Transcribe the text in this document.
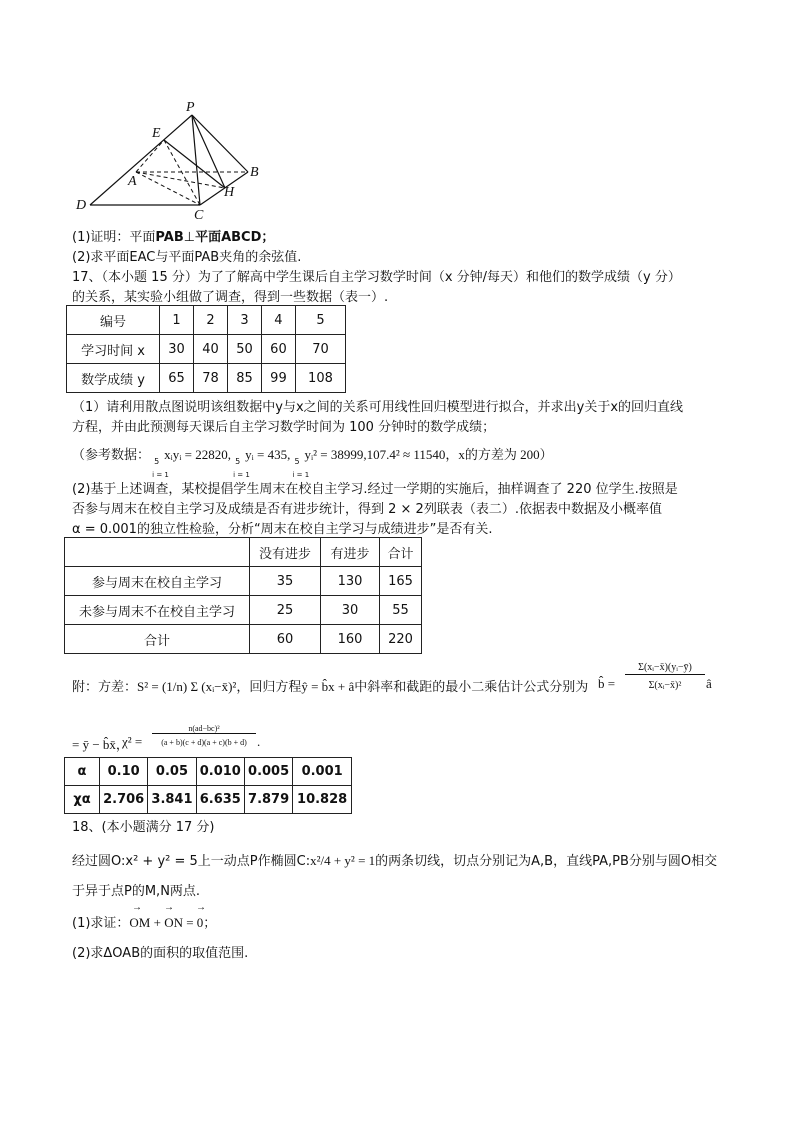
P
E
B
A
H
D
C
(1)证明：平面PAB⊥平面ABCD；
(2)求平面EAC与平面PAB夹角的余弦值.
17、（本小题 15 分）为了了解高中学生课后自主学习数学时间（x 分钟/每天）和他们的数学成绩（y 分）
的关系，某实验小组做了调查，得到一些数据（表一）.
编号	1	2	3	4	5
学习时间 x	30	40	50	60	70
数学成绩 y	65	78	85	99	108
（1）请利用散点图说明该组数据中y与x之间的关系可用线性回归模型进行拟合，并求出y关于x的回归直线
方程，并由此预测每天课后自主学习数学时间为 100 分钟时的数学成绩；
（参考数据： 5
i = 1
xᵢyᵢ = 22820, 5
i = 1
yᵢ = 435, 5
i = 1
yᵢ² = 38999,107.4² ≈ 11540，x的方差为 200）
(2)基于上述调查，某校提倡学生周末在校自主学习.经过一学期的实施后，抽样调查了 220 位学生.按照是
否参与周末在校自主学习及成绩是否有进步统计，得到 2 × 2列联表（表二）.依据表中数据及小概率值
α = 0.001的独立性检验，分析“周末在校自主学习与成绩进步”是否有关.
	没有进步	有进步	合计
参与周末在校自主学习	35	130	165
未参与周末不在校自主学习	25	30	55
合计	60	160	220
附：方差：S² = (1/n) Σ (xᵢ−x̄)²，回归方程ŷ = b̂x + â中斜率和截距的最小二乘估计公式分别为 b̂ =
Σ(xᵢ−x̄)(yᵢ−ȳ)
Σ(xᵢ−x̄)²	â
= ȳ − b̂x̄，
χ² =
n(ad−bc)²
(a + b)(c + d)(a + c)(b + d) .
α	0.10	0.05	0.010	0.005	0.001
χα	2.706	3.841	6.635	7.879	10.828
18、(本小题满分 17 分)
经过圆O:x² + y² = 5上一动点P作椭圆C:x²/4 + y² = 1的两条切线，切点分别记为A,B，直线PA,PB分别与圆O相交
于异于点P的M,N两点.
(1)求证：OM + ON = 0；
→→→
(2)求ΔOAB的面积的取值范围.
